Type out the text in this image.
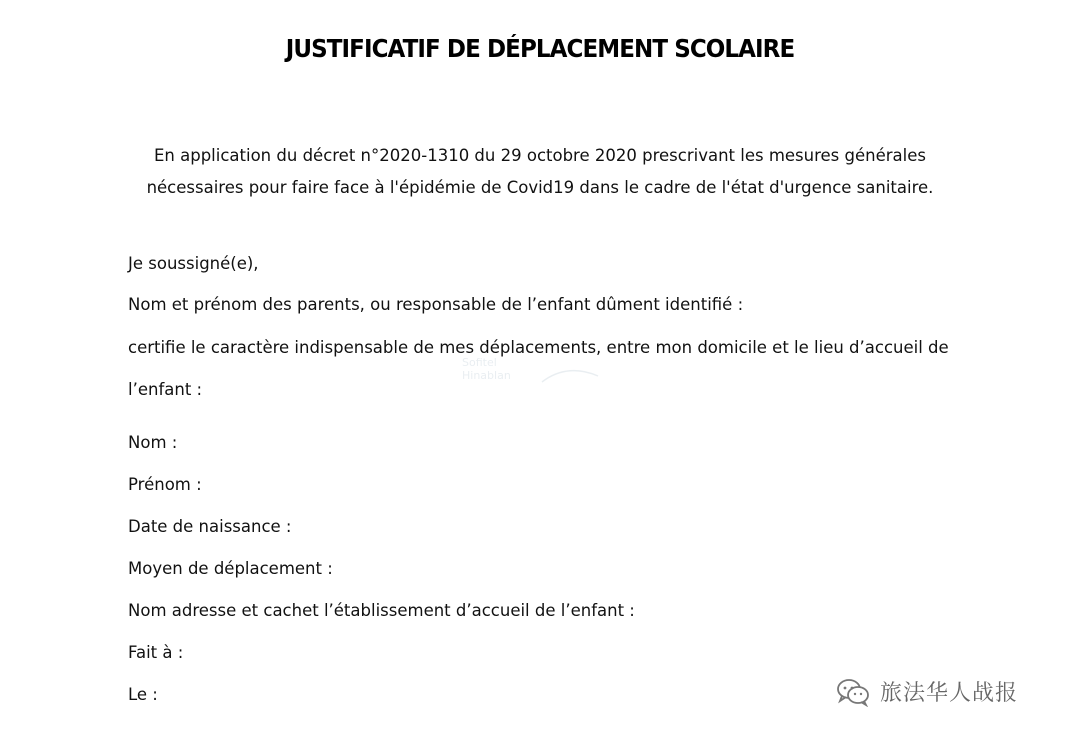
JUSTIFICATIF DE DÉPLACEMENT SCOLAIRE
En application du décret n°2020-1310 du 29 octobre 2020 prescrivant les mesures générales
nécessaires pour faire face à l'épidémie de Covid19 dans le cadre de l'état d'urgence sanitaire.
Je soussigné(e),
Nom et prénom des parents, ou responsable de l’enfant dûment identifié :
certifie le caractère indispensable de mes déplacements, entre mon domicile et le lieu d’accueil de
l’enfant :
Nom :
Prénom :
Date de naissance :
Moyen de déplacement :
Nom adresse et cachet l’établissement d’accueil de l’enfant :
Fait à :
Le :
Sofitel
Hinablan
旅法华人战报
